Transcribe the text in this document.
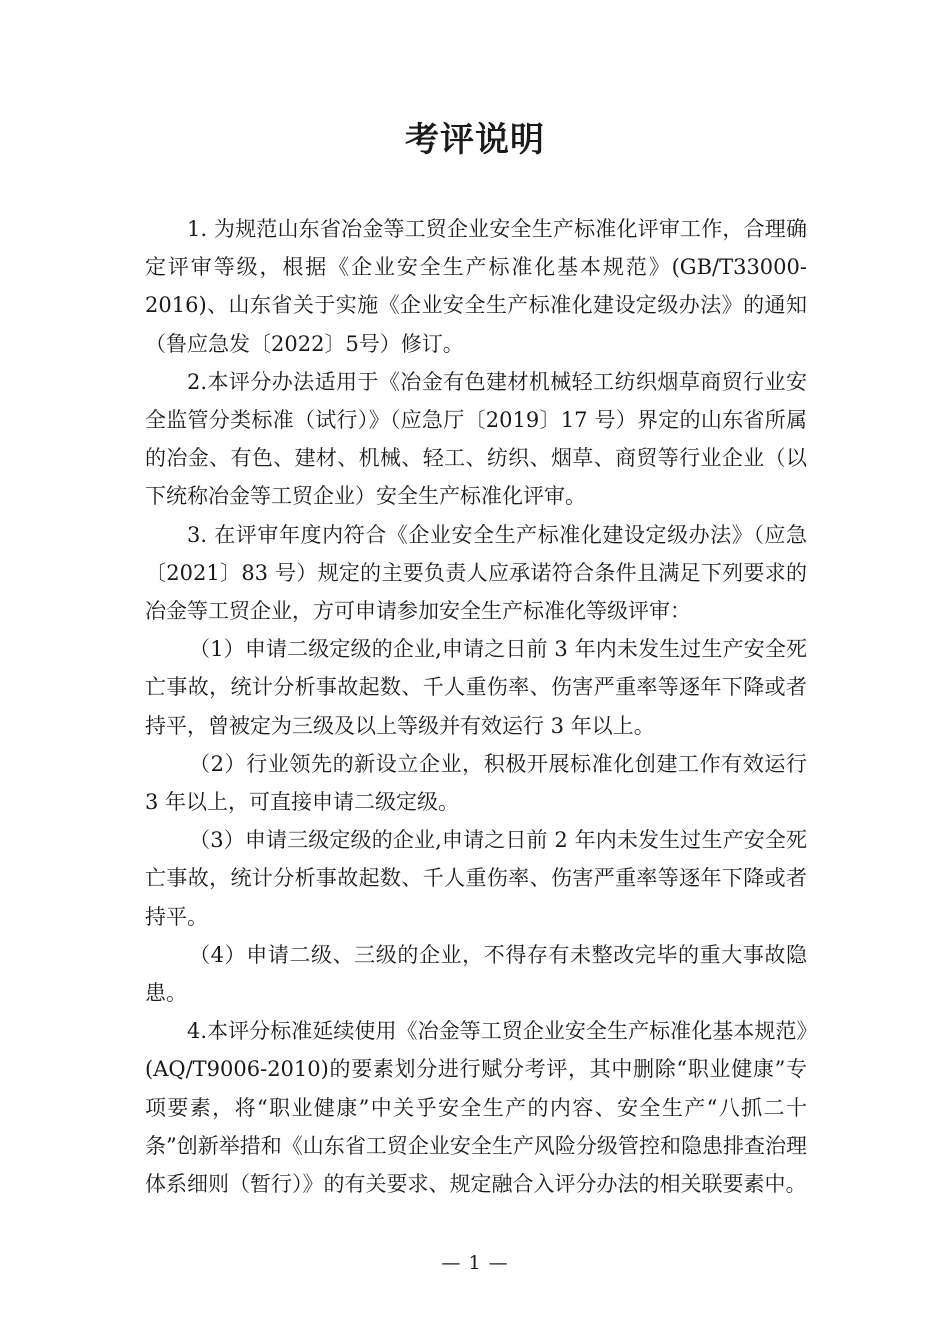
考评说明

1. 为规范山东省冶金等工贸企业安全生产标准化评审工作，合理确定评审等级，根据《企业安全生产标准化基本规范》(GB/T33000-2016)、山东省关于实施《企业安全生产标准化建设定级办法》的通知（鲁应急发〔2022〕5号）修订。

2.本评分办法适用于《冶金有色建材机械轻工纺织烟草商贸行业安全监管分类标准（试行）》（应急厅〔2019〕17 号）界定的山东省所属的冶金、有色、建材、机械、轻工、纺织、烟草、商贸等行业企业（以下统称冶金等工贸企业）安全生产标准化评审。

3. 在评审年度内符合《企业安全生产标准化建设定级办法》（应急〔2021〕83 号）规定的主要负责人应承诺符合条件且满足下列要求的冶金等工贸企业，方可申请参加安全生产标准化等级评审：

（1）申请二级定级的企业,申请之日前 3 年内未发生过生产安全死亡事故，统计分析事故起数、千人重伤率、伤害严重率等逐年下降或者持平，曾被定为三级及以上等级并有效运行 3 年以上。

（2）行业领先的新设立企业，积极开展标准化创建工作有效运行 3 年以上，可直接申请二级定级。

（3）申请三级定级的企业,申请之日前 2 年内未发生过生产安全死亡事故，统计分析事故起数、千人重伤率、伤害严重率等逐年下降或者持平。

（4）申请二级、三级的企业，不得存有未整改完毕的重大事故隐患。

4.本评分标准延续使用《冶金等工贸企业安全生产标准化基本规范》(AQ/T9006-2010)的要素划分进行赋分考评，其中删除“职业健康”专项要素，将“职业健康”中关乎安全生产的内容、安全生产“八抓二十条”创新举措和《山东省工贸企业安全生产风险分级管控和隐患排查治理体系细则（暂行）》的有关要求、规定融合入评分办法的相关联要素中。

— 1 —
